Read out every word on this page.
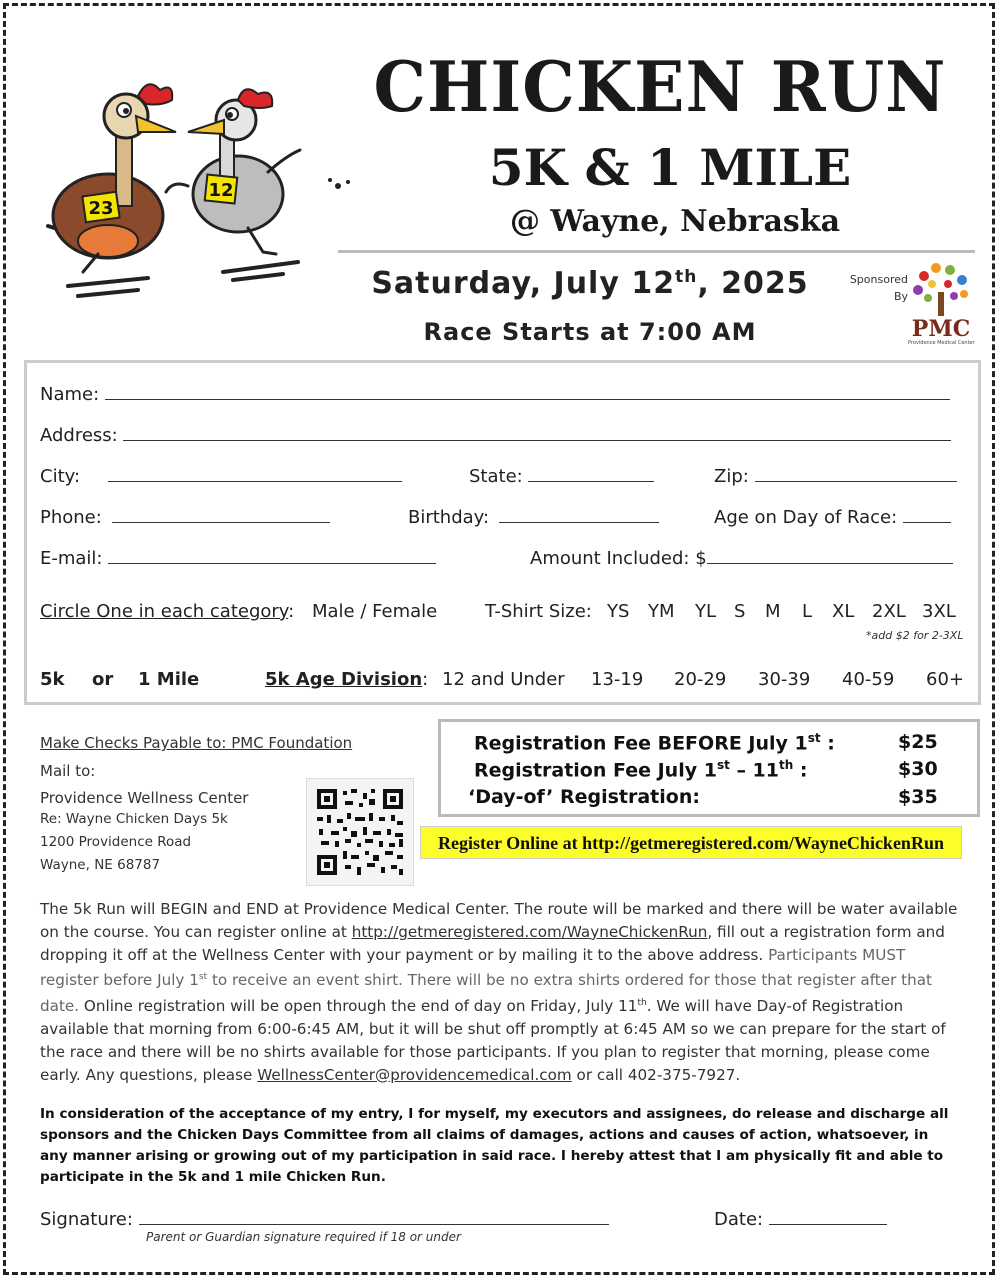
23
12
CHICKEN RUN
5K & 1 MILE
@ Wayne, Nebraska
Saturday, July 12th, 2025
Race Starts at 7:00 AM
Sponsored
By
PMC
Providence Medical Center
Name:
Address:
City:	State:	Zip:
Phone:	Birthday:	Age on Day of Race:
E-mail:	Amount Included: $
Circle One in each category: Male / Female	T-Shirt Size: YS YM YL S M L XL 2XL 3XL
*add $2 for 2-3XL
5k or 1 Mile	5k Age Division: 12 and Under 13-19 20-29 30-39 40-59 60+
Make Checks Payable to: PMC Foundation
Mail to:
Providence Wellness Center
Re: Wayne Chicken Days 5k
1200 Providence Road
Wayne, NE 68787
Registration Fee BEFORE July 1st :	$25
Registration Fee July 1st – 11th :	$30
‘Day-of’ Registration:	$35
Register Online at http://getmeregistered.com/WayneChickenRun
The 5k Run will BEGIN and END at Providence Medical Center. The route will be marked and there will be water available on the course. You can register online at http://getmeregistered.com/WayneChickenRun, fill out a registration form and dropping it off at the Wellness Center with your payment or by mailing it to the above address. Participants MUST register before July 1st to receive an event shirt. There will be no extra shirts ordered for those that register after that date. Online registration will be open through the end of day on Friday, July 11th. We will have Day-of Registration available that morning from 6:00-6:45 AM, but it will be shut off promptly at 6:45 AM so we can prepare for the start of the race and there will be no shirts available for those participants. If you plan to register that morning, please come early. Any questions, please WellnessCenter@providencemedical.com or call 402-375-7927.
In consideration of the acceptance of my entry, I for myself, my executors and assignees, do release and discharge all sponsors and the Chicken Days Committee from all claims of damages, actions and causes of action, whatsoever, in any manner arising or growing out of my participation in said race. I hereby attest that I am physically fit and able to participate in the 5k and 1 mile Chicken Run.
Signature:	Date:
Parent or Guardian signature required if 18 or under
